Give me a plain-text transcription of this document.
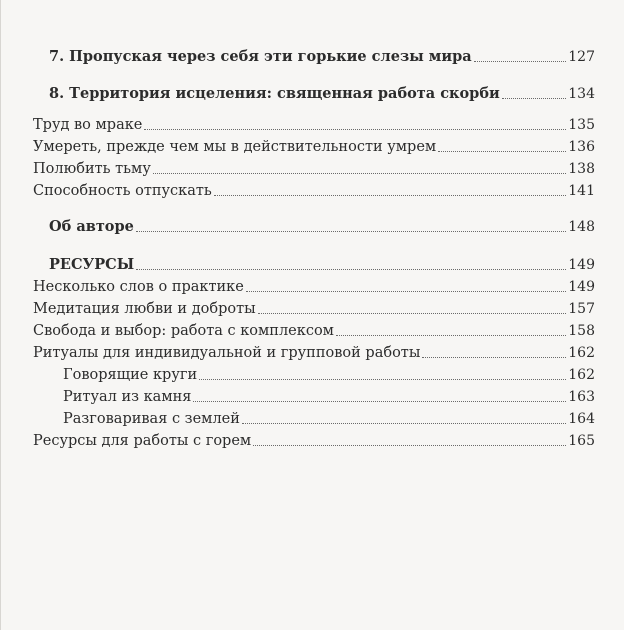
7. Пропуская через себя эти горькие слезы мира	127
8. Территория исцеления: священная работа скорби	134
Труд во мраке	135
Умереть, прежде чем мы в действительности умрем	136
Полюбить тьму	138
Способность отпускать	141
Об авторе	148
РЕСУРСЫ	149
Несколько слов о практике	149
Медитация любви и доброты	157
Свобода и выбор: работа с комплексом	158
Ритуалы для индивидуальной и групповой работы	162
Говорящие круги	162
Ритуал из камня	163
Разговаривая с землей	164
Ресурсы для работы с горем	165
